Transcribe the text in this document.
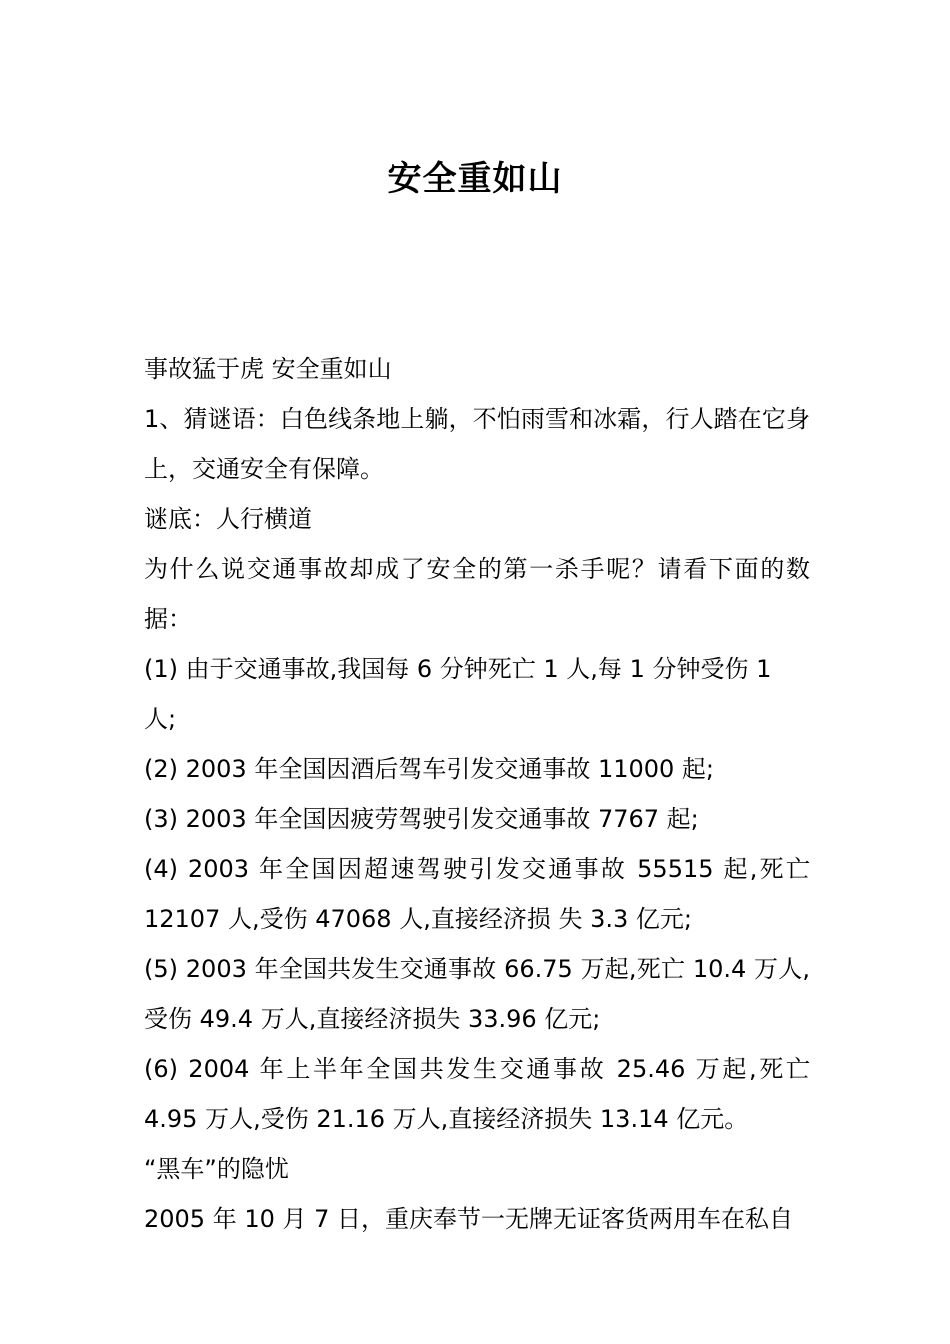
安全重如山

事故猛于虎 安全重如山

1、猜谜语：白色线条地上躺，不怕雨雪和冰霜，行人踏在它身上，交通安全有保障。

谜底：人行横道

为什么说交通事故却成了安全的第一杀手呢？请看下面的数据：

(1) 由于交通事故,我国每 6 分钟死亡 1 人,每 1 分钟受伤 1 人;

(2) 2003 年全国因酒后驾车引发交通事故 11000 起;

(3) 2003 年全国因疲劳驾驶引发交通事故 7767 起;

(4) 2003 年全国因超速驾驶引发交通事故 55515 起,死亡 12107 人,受伤 47068 人,直接经济损 失 3.3 亿元;

(5) 2003 年全国共发生交通事故 66.75 万起,死亡 10.4 万人,受伤 49.4 万人,直接经济损失 33.96 亿元;

(6) 2004 年上半年全国共发生交通事故 25.46 万起,死亡 4.95 万人,受伤 21.16 万人,直接经济损失 13.14 亿元。

“黑车”的隐忧

2005 年 10 月 7 日，重庆奉节一无牌无证客货两用车在私自
